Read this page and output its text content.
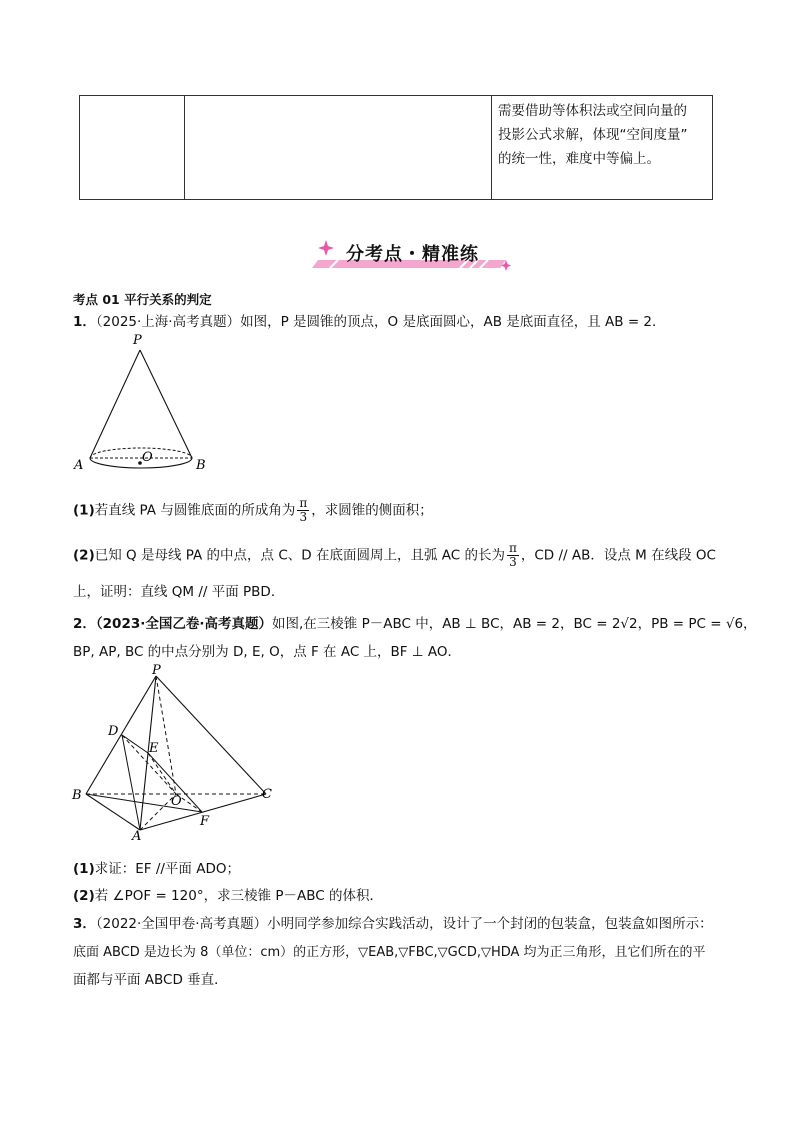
需要借助等体积法或空间向量的
投影公式求解，体现“空间度量”
的统一性，难度中等偏上。
分考点・精准练
考点 01 平行关系的判定
1．（2025·上海·高考真题）如图，P 是圆锥的顶点，O 是底面圆心，AB 是底面直径，且 AB = 2．
P
O
A	B
(1)若直线 PA 与圆锥底面的所成角为 $\frac{\pi}{3}$ ，求圆锥的侧面积；
(2)已知 Q 是母线 PA 的中点，点 C、D 在底面圆周上，且弧 AC 的长为 $\frac{\pi}{3}$ ，CD // AB．设点 M 在线段 OC
上，证明：直线 QM // 平面 PBD．
2．（2023·全国乙卷·高考真题）如图,在三棱锥 P－ABC 中，AB ⊥ BC，AB = 2，BC = 2√2，PB = PC = √6，
BP, AP, BC 的中点分别为 D, E, O，点 F 在 AC 上，BF ⊥ AO．
P
D
E
B	O	C
F
A
(1)求证：EF //平面 ADO；
(2)若 ∠POF = 120°，求三棱锥 P－ABC 的体积．
3．（2022·全国甲卷·高考真题）小明同学参加综合实践活动，设计了一个封闭的包装盒，包装盒如图所示：
底面 ABCD 是边长为 8（单位：cm）的正方形，▽EAB,▽FBC,▽GCD,▽HDA 均为正三角形，且它们所在的平
面都与平面 ABCD 垂直．
